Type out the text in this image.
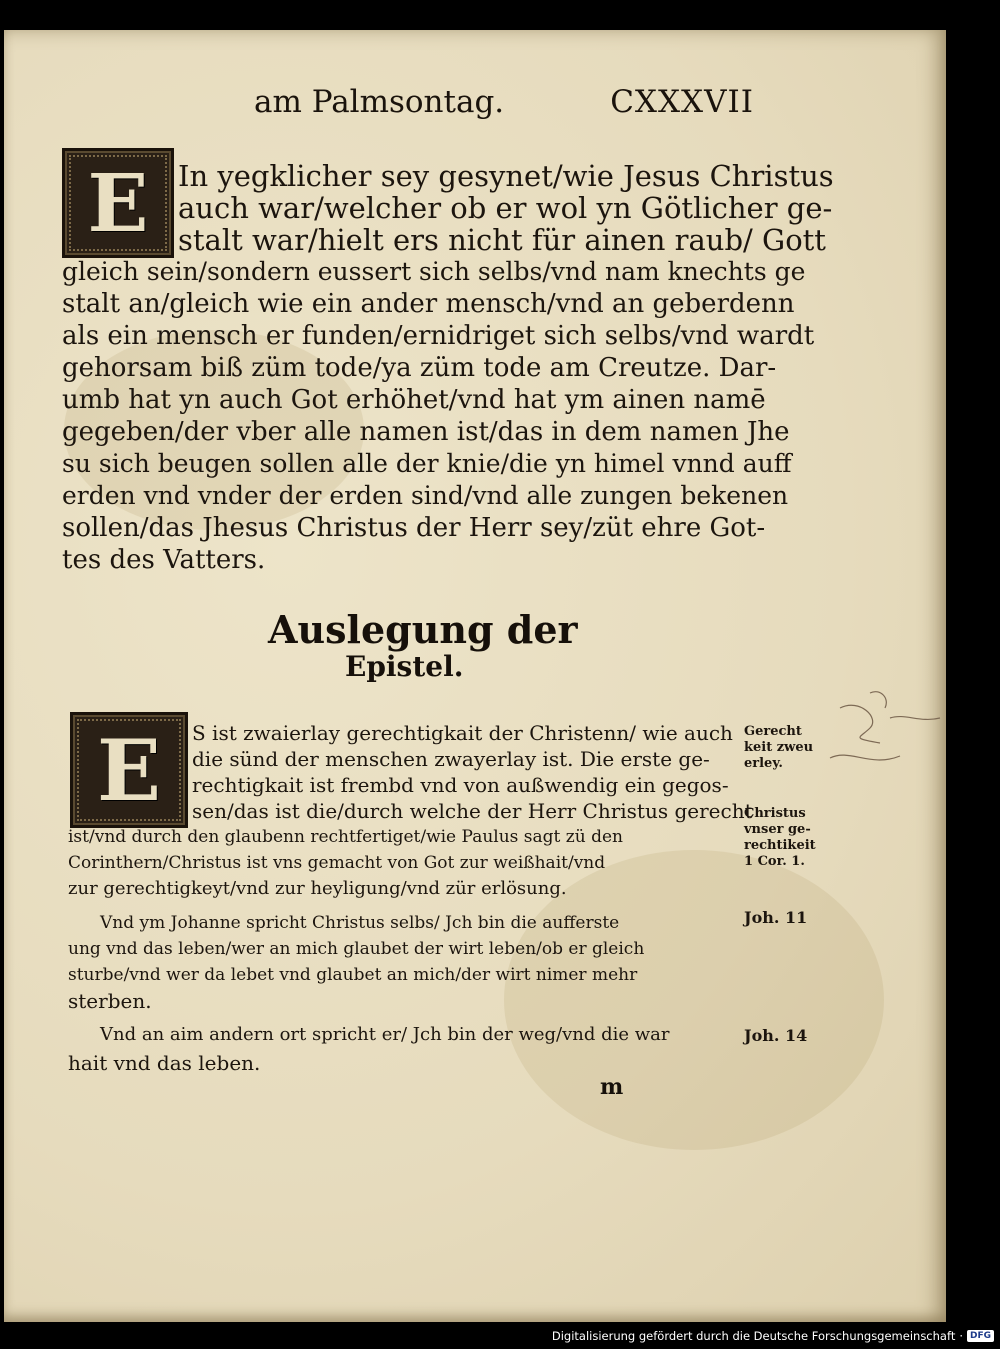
am Palmsontag.	CXXXVII
E In yegklicher sey gesynet/wie Jesus Christus
auch war/welcher ob er wol yn Götlicher ge-
stalt war/hielt ers nicht für ainen raub/ Gott
gleich sein/sondern eussert sich selbs/vnd nam knechts ge
stalt an/gleich wie ein ander mensch/vnd an geberdenn
als ein mensch er funden/ernidriget sich selbs/vnd wardt
gehorsam biß züm tode/ya züm tode am Creutze. Dar-
umb hat yn auch Got erhöhet/vnd hat ym ainen namē
gegeben/der vber alle namen ist/das in dem namen Jhe
su sich beugen sollen alle der knie/die yn himel vnnd auff
erden vnd vnder der erden sind/vnd alle zungen bekenen
sollen/das Jhesus Christus der Herr sey/züt ehre Got-
tes des Vatters.
Auslegung der
Epistel.
E S ist zwaierlay gerechtigkait der Christenn/ wie auch
die sünd der menschen zwayerlay ist. Die erste ge-
rechtigkait ist frembd vnd von außwendig ein gegos-
sen/das ist die/durch welche der Herr Christus gerecht
ist/vnd durch den glaubenn rechtfertiget/wie Paulus sagt zü den
Corinthern/Christus ist vns gemacht von Got zur weißhait/vnd
zur gerechtigkeyt/vnd zur heyligung/vnd zür erlösung.
Vnd ym Johanne spricht Christus selbs/ Jch bin die aufferste
ung vnd das leben/wer an mich glaubet der wirt leben/ob er gleich
sturbe/vnd wer da lebet vnd glaubet an mich/der wirt nimer mehr
sterben.
Vnd an aim andern ort spricht er/ Jch bin der weg/vnd die war
hait vnd das leben.
Gerecht
keit zweu
erley.
Christus
vnser ge-
rechtikeit
1 Cor. 1.
Joh. 11
Joh. 14
m
Digitalisierung gefördert durch die Deutsche Forschungsgemeinschaft · DFG
